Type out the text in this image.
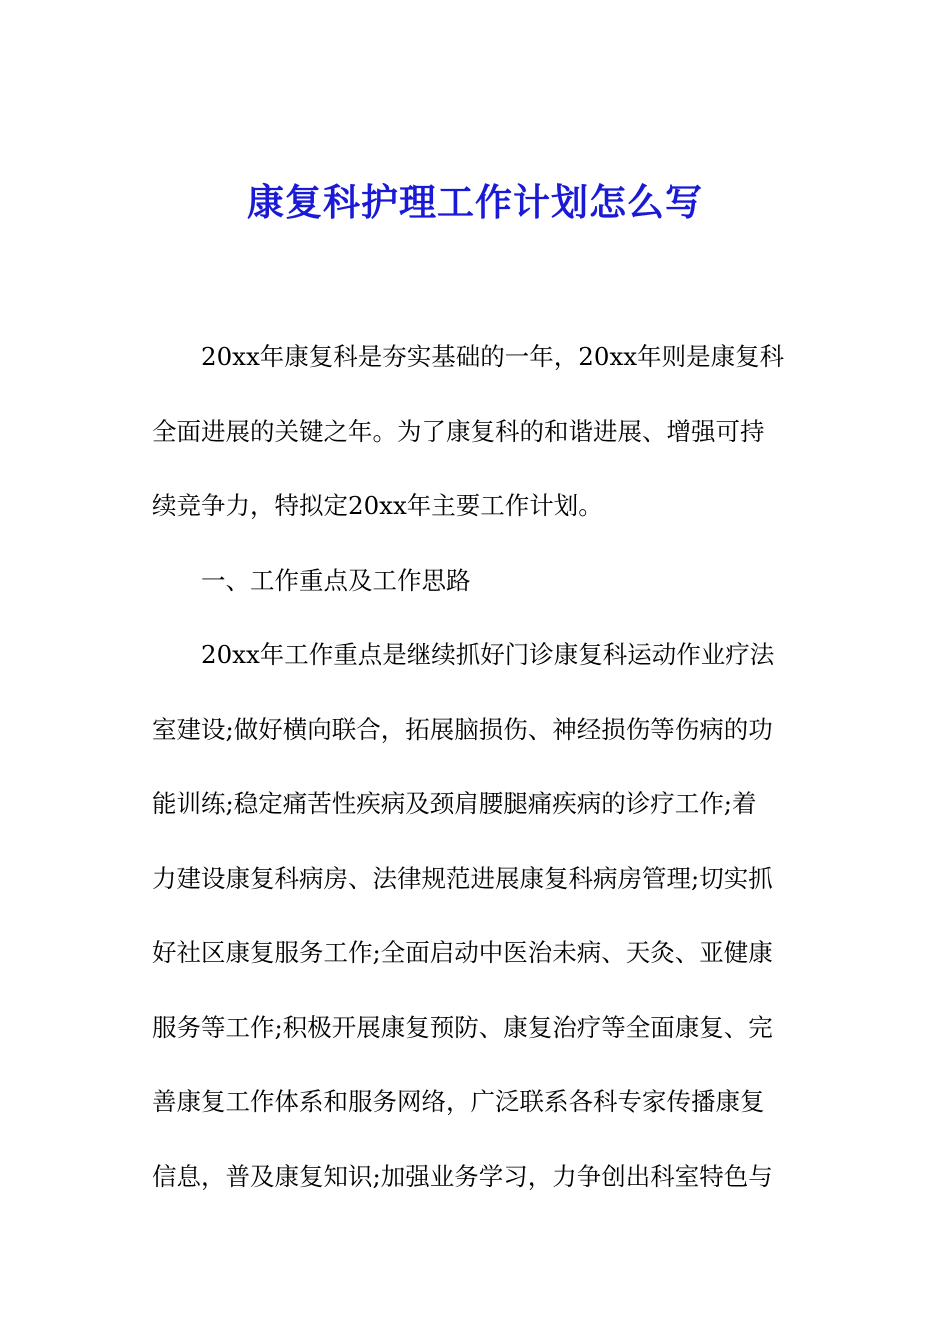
康复科护理工作计划怎么写
20xx年康复科是夯实基础的一年，20xx年则是康复科
全面进展的关键之年。为了康复科的和谐进展、增强可持
续竞争力，特拟定20xx年主要工作计划。
一、工作重点及工作思路
20xx年工作重点是继续抓好门诊康复科运动作业疗法
室建设;做好横向联合，拓展脑损伤、神经损伤等伤病的功
能训练;稳定痛苦性疾病及颈肩腰腿痛疾病的诊疗工作;着
力建设康复科病房、法律规范进展康复科病房管理;切实抓
好社区康复服务工作;全面启动中医治未病、天灸、亚健康
服务等工作;积极开展康复预防、康复治疗等全面康复、完
善康复工作体系和服务网络，广泛联系各科专家传播康复
信息，普及康复知识;加强业务学习，力争创出科室特色与
